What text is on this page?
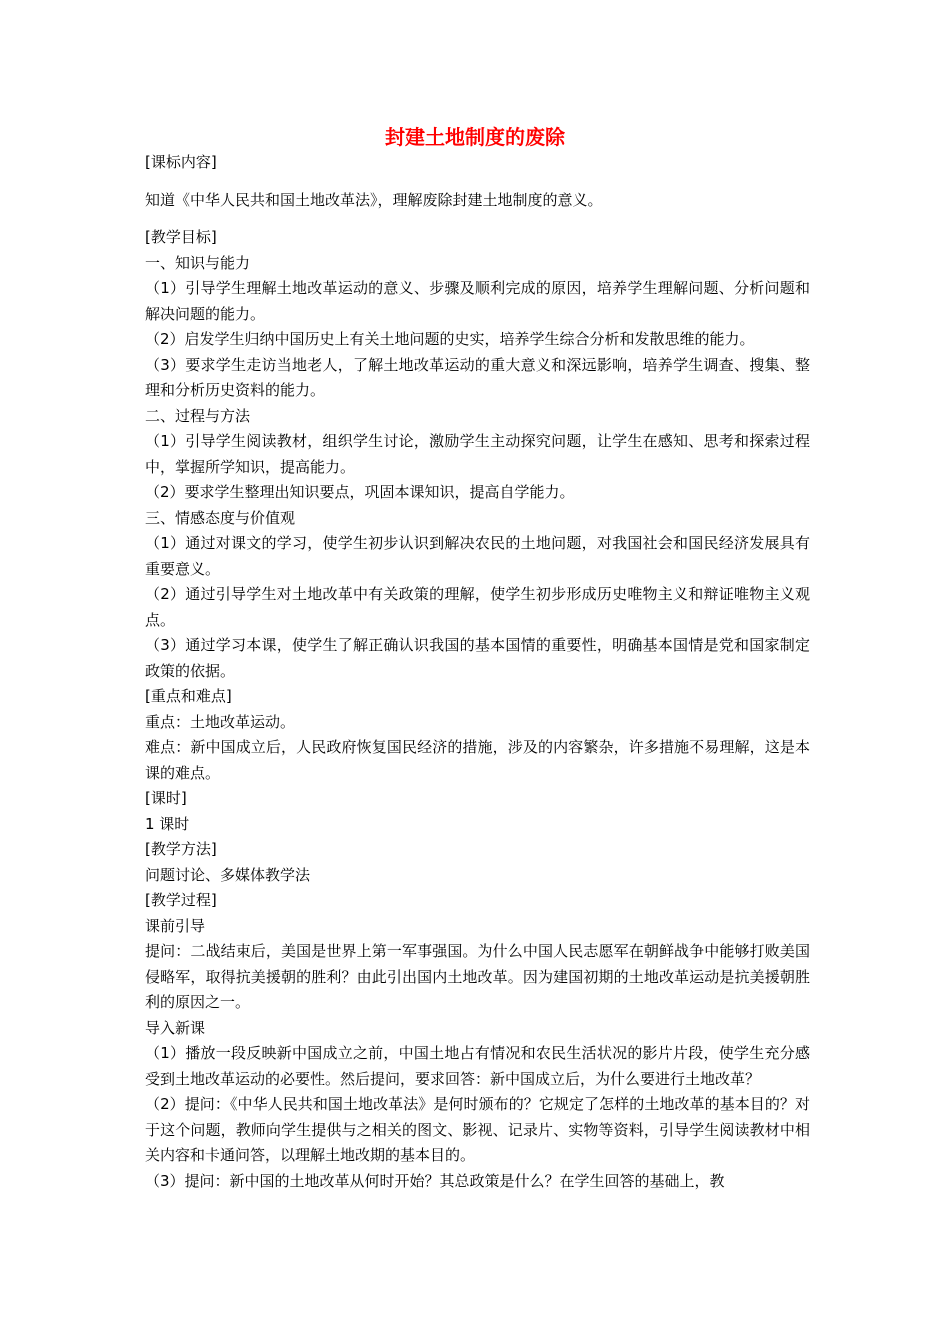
封建土地制度的废除

[课标内容]

知道《中华人民共和国土地改革法》，理解废除封建土地制度的意义。

[教学目标]

一、知识与能力

（1）引导学生理解土地改革运动的意义、步骤及顺利完成的原因，培养学生理解问题、分析问题和解决问题的能力。

（2）启发学生归纳中国历史上有关土地问题的史实，培养学生综合分析和发散思维的能力。

（3）要求学生走访当地老人，了解土地改革运动的重大意义和深远影响，培养学生调查、搜集、整理和分析历史资料的能力。

二、过程与方法

（1）引导学生阅读教材，组织学生讨论，激励学生主动探究问题，让学生在感知、思考和探索过程中，掌握所学知识，提高能力。

（2）要求学生整理出知识要点，巩固本课知识，提高自学能力。

三、情感态度与价值观

（1）通过对课文的学习，使学生初步认识到解决农民的土地问题，对我国社会和国民经济发展具有重要意义。

（2）通过引导学生对土地改革中有关政策的理解，使学生初步形成历史唯物主义和辩证唯物主义观点。

（3）通过学习本课，使学生了解正确认识我国的基本国情的重要性，明确基本国情是党和国家制定政策的依据。

[重点和难点]

重点：土地改革运动。

难点：新中国成立后，人民政府恢复国民经济的措施，涉及的内容繁杂，许多措施不易理解，这是本课的难点。

[课时]

1 课时

[教学方法]

问题讨论、多媒体教学法

[教学过程]

课前引导

提问：二战结束后，美国是世界上第一军事强国。为什么中国人民志愿军在朝鲜战争中能够打败美国侵略军，取得抗美援朝的胜利？由此引出国内土地改革。因为建国初期的土地改革运动是抗美援朝胜利的原因之一。

导入新课

（1）播放一段反映新中国成立之前，中国土地占有情况和农民生活状况的影片片段，使学生充分感受到土地改革运动的必要性。然后提问，要求回答：新中国成立后，为什么要进行土地改革？

（2）提问：《中华人民共和国土地改革法》是何时颁布的？它规定了怎样的土地改革的基本目的？对于这个问题，教师向学生提供与之相关的图文、影视、记录片、实物等资料，引导学生阅读教材中相关内容和卡通问答，以理解土地改期的基本目的。

（3）提问：新中国的土地改革从何时开始？其总政策是什么？在学生回答的基础上，教
